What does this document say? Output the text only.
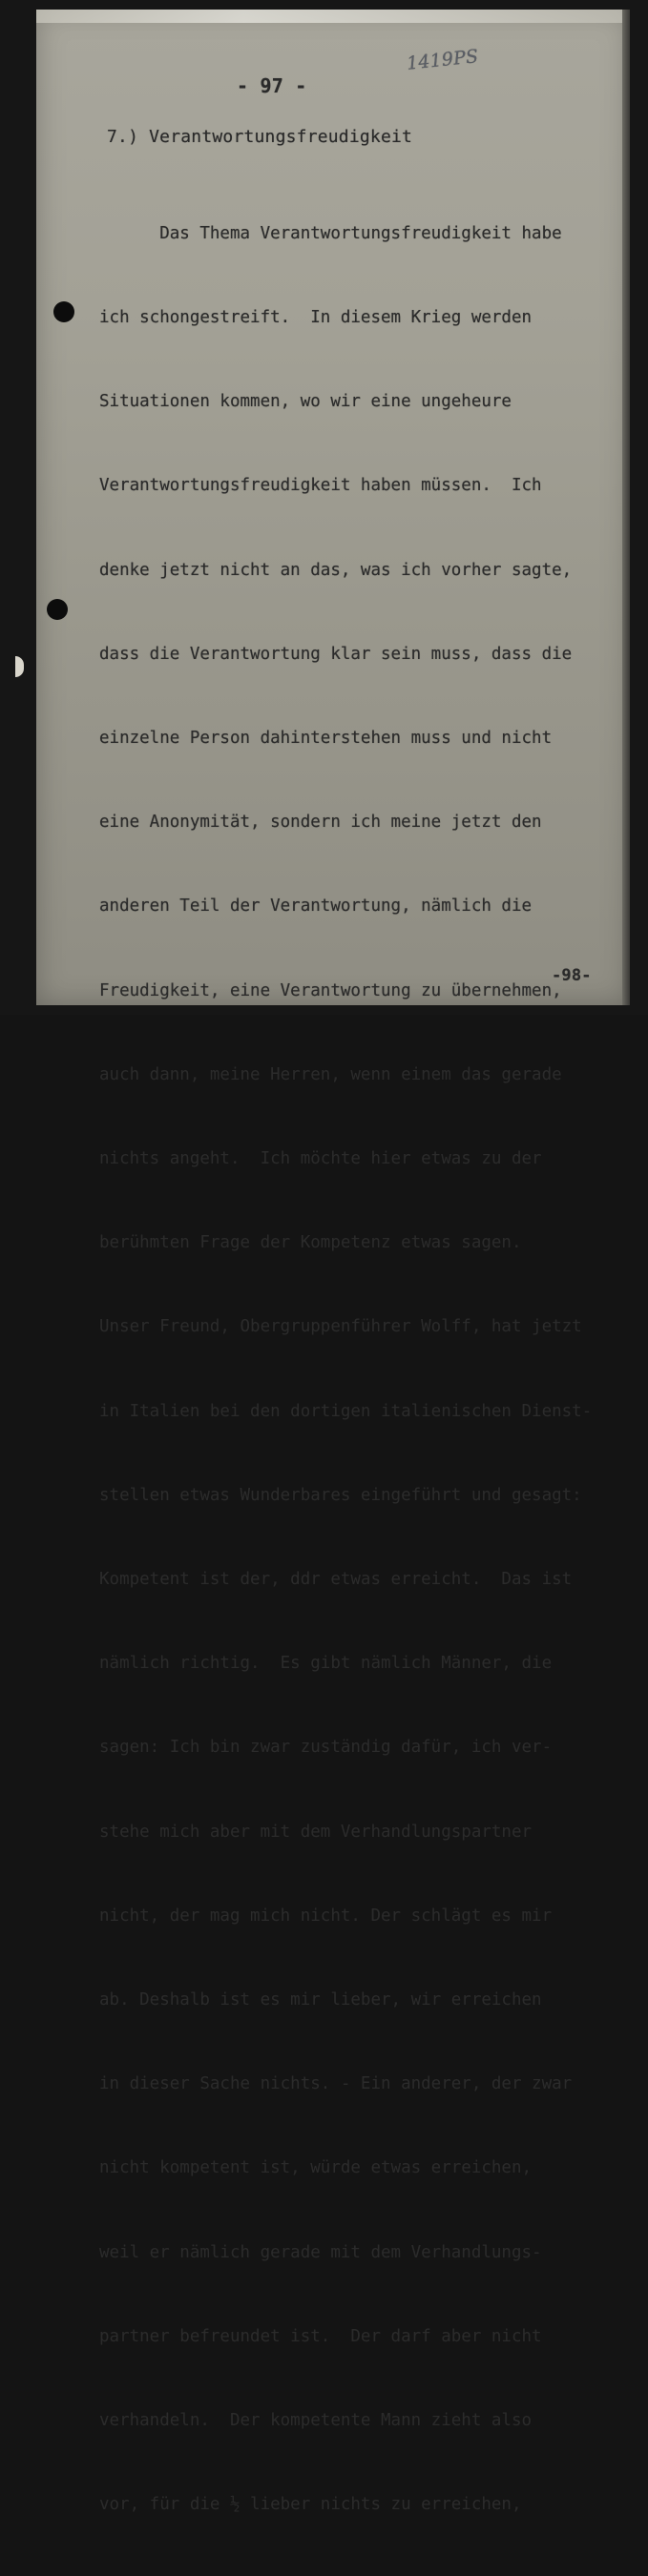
1419PS
- 97 -
7.) Verantwortungsfreudigkeit

Das Thema Verantwortungsfreudigkeit habe

ich schongestreift.  In diesem Krieg werden

Situationen kommen, wo wir eine ungeheure

Verantwortungsfreudigkeit haben müssen.  Ich

denke jetzt nicht an das, was ich vorher sagte,

dass die Verantwortung klar sein muss, dass die

einzelne Person dahinterstehen muss und nicht

eine Anonymität, sondern ich meine jetzt den

anderen Teil der Verantwortung, nämlich die

Freudigkeit, eine Verantwortung zu übernehmen,

auch dann, meine Herren, wenn einem das gerade

nichts angeht.  Ich möchte hier etwas zu der

berühmten Frage der Kompetenz etwas sagen.

Unser Freund, Obergruppenführer Wolff, hat jetzt

in Italien bei den dortigen italienischen Dienst-

stellen etwas Wunderbares eingeführt und gesagt:

Kompetent ist der, ddr etwas erreicht.  Das ist

nämlich richtig.  Es gibt nämlich Männer, die

sagen: Ich bin zwar zuständig dafür, ich ver-

stehe mich aber mit dem Verhandlungspartner

nicht, der mag mich nicht. Der schlägt es mir

ab. Deshalb ist es mir lieber, wir erreichen

in dieser Sache nichts. - Ein anderer, der zwar

nicht kompetent ist, würde etwas erreichen,

weil er nämlich gerade mit dem Verhandlungs-

partner befreundet ist.  Der darf aber nicht

verhandeln.  Der kompetente Mann zieht also

vor, für die ½ lieber nichts zu erreichen,

-98-
